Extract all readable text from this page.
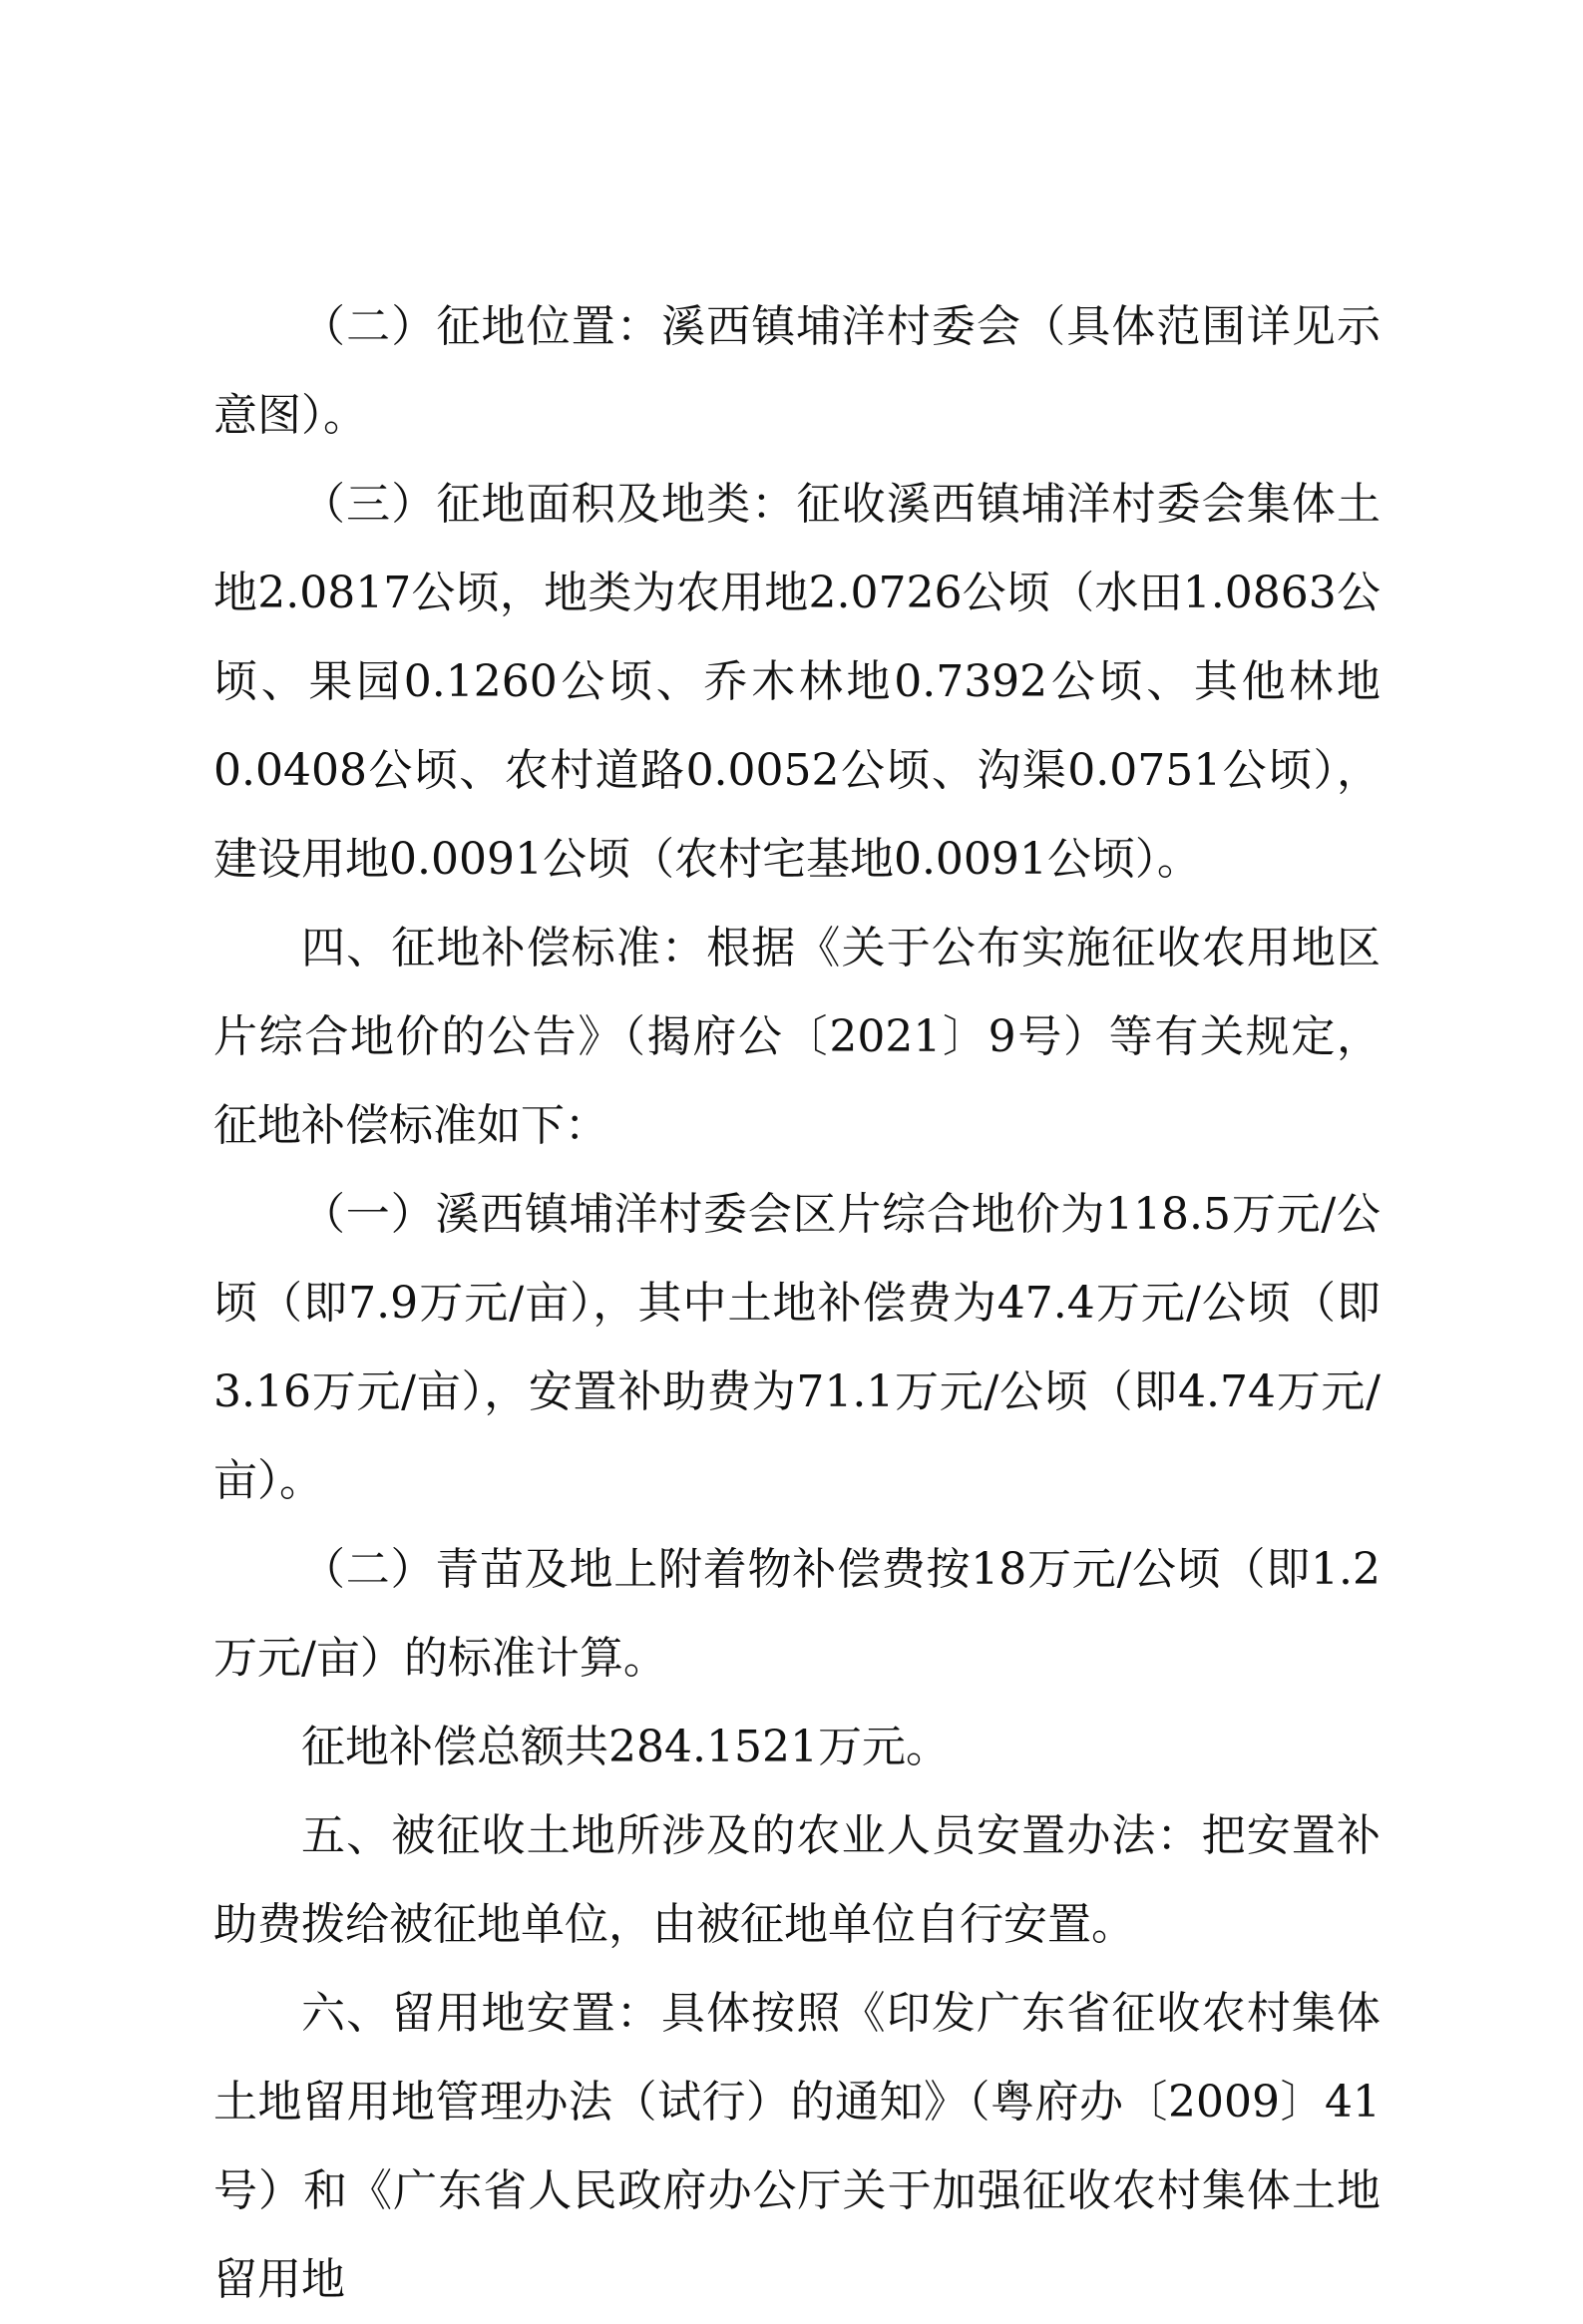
（二）征地位置：溪西镇埔洋村委会（具体范围详见示意图）。

（三）征地面积及地类：征收溪西镇埔洋村委会集体土地2.0817公顷，地类为农用地2.0726公顷（水田1.0863公顷、果园0.1260公顷、乔木林地0.7392公顷、其他林地0.0408公顷、农村道路0.0052公顷、沟渠0.0751公顷），建设用地0.0091公顷（农村宅基地0.0091公顷）。

四、征地补偿标准：根据《关于公布实施征收农用地区片综合地价的公告》（揭府公〔2021〕9号）等有关规定，征地补偿标准如下：

（一）溪西镇埔洋村委会区片综合地价为118.5万元/公顷（即7.9万元/亩），其中土地补偿费为47.4万元/公顷（即3.16万元/亩），安置补助费为71.1万元/公顷（即4.74万元/亩）。

（二）青苗及地上附着物补偿费按18万元/公顷（即1.2万元/亩）的标准计算。

征地补偿总额共284.1521万元。

五、被征收土地所涉及的农业人员安置办法：把安置补助费拨给被征地单位，由被征地单位自行安置。

六、留用地安置：具体按照《印发广东省征收农村集体土地留用地管理办法（试行）的通知》（粤府办〔2009〕41号）和《广东省人民政府办公厅关于加强征收农村集体土地留用地
